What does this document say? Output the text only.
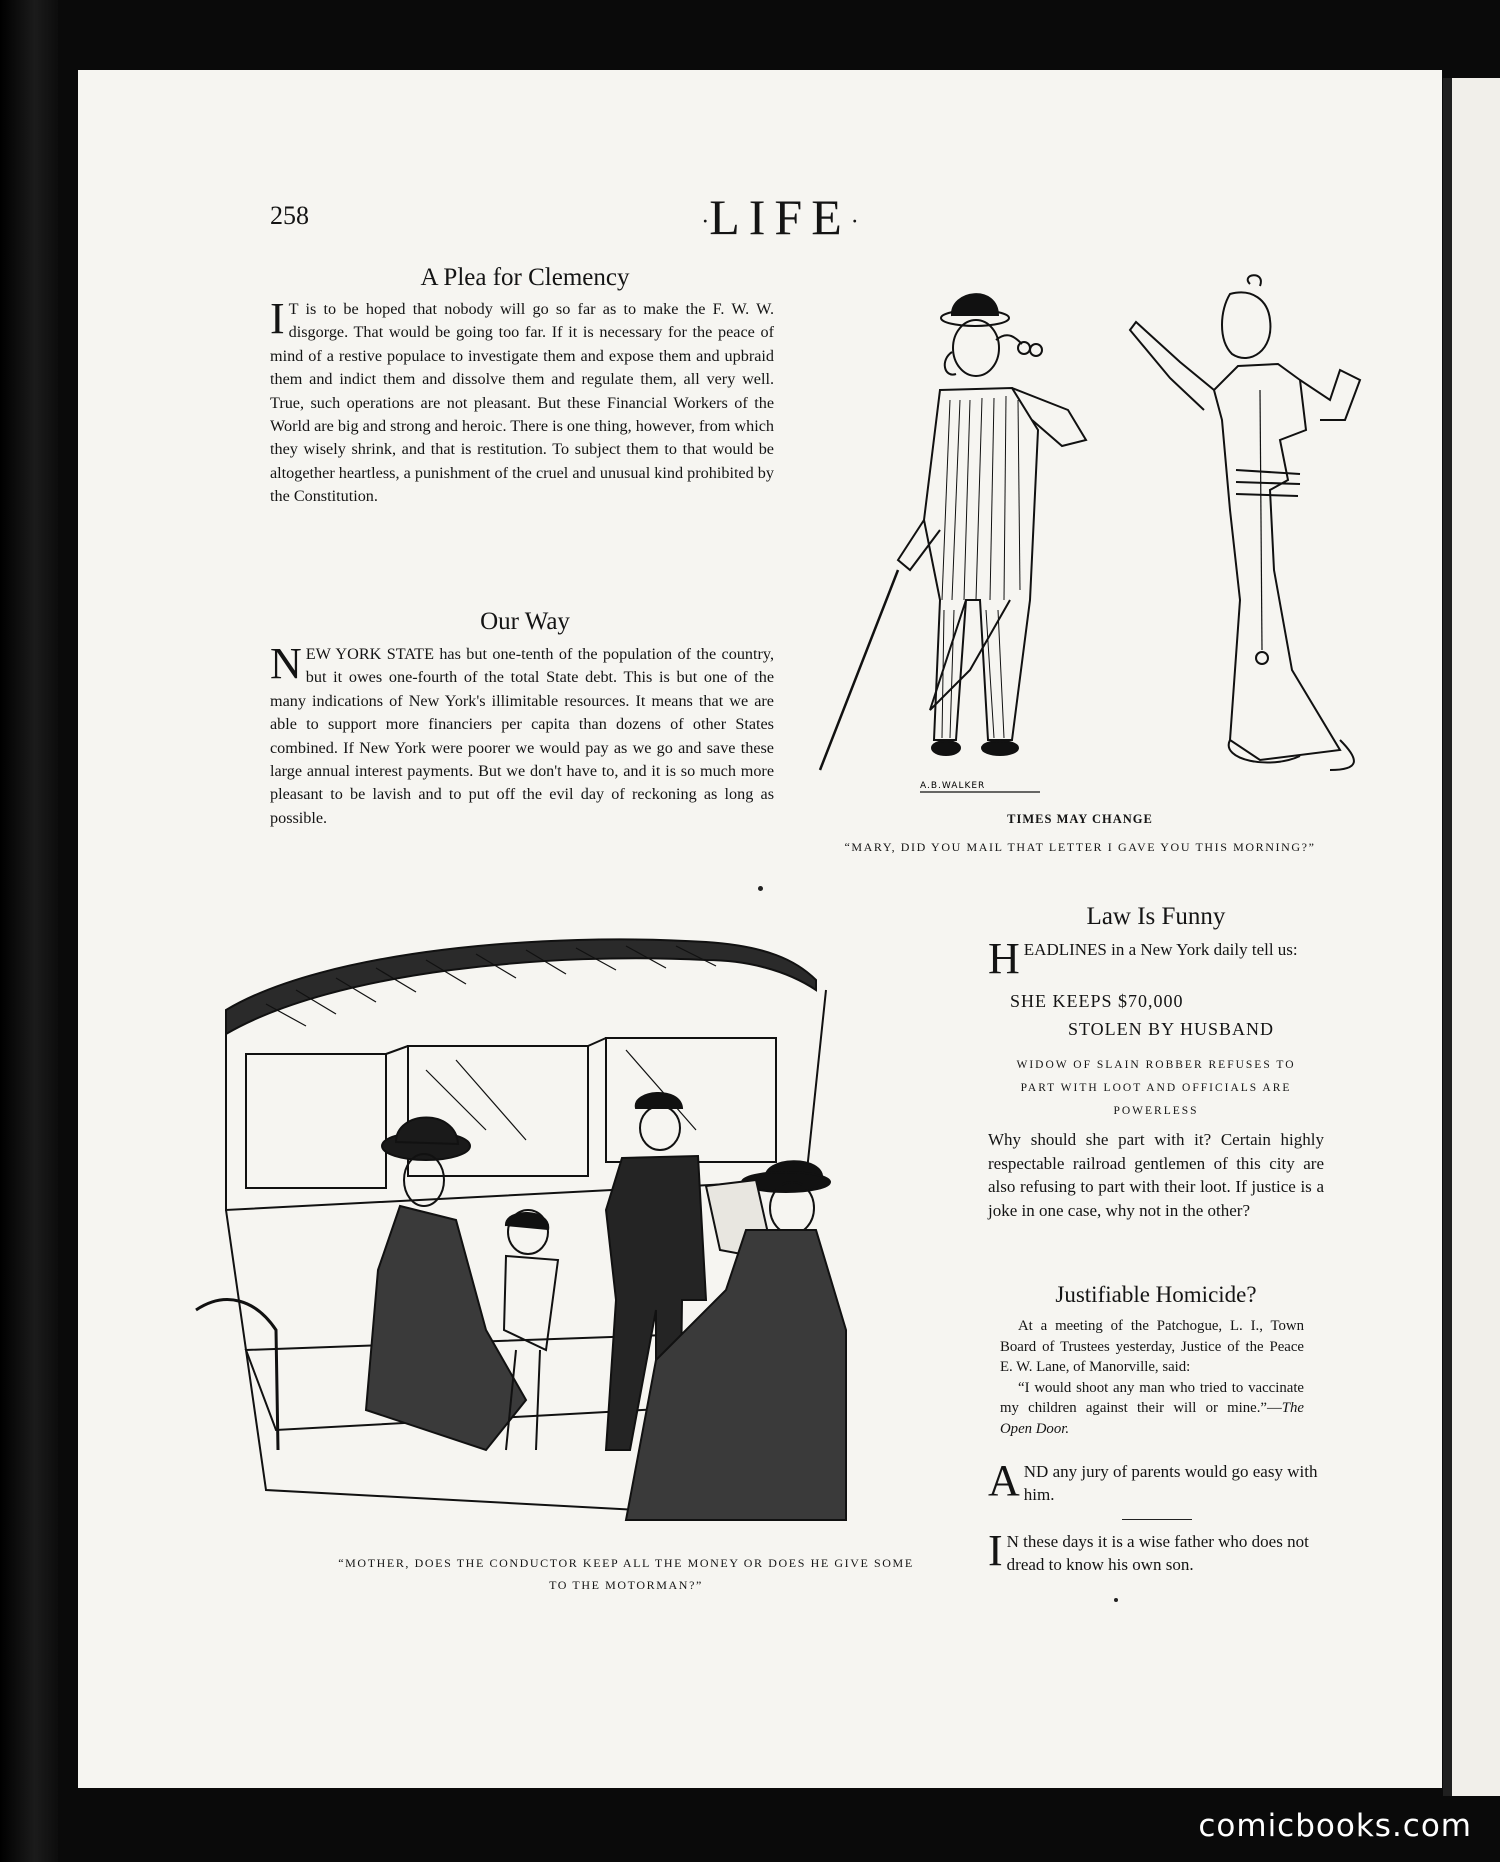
258	·LIFE·
A Plea for Clemency
I T is to be hoped that nobody will go so far as to make the F. W. W. disgorge. That would be going too far. If it is necessary for the peace of mind of a restive populace to investigate them and expose them and upbraid them and indict them and dissolve them and regulate them, all very well. True, such operations are not pleasant. But these Financial Workers of the World are big and strong and heroic. There is one thing, however, from which they wisely shrink, and that is restitution. To subject them to that would be altogether heartless, a punishment of the cruel and unusual kind prohibited by the Constitution.

Our Way
N EW YORK STATE has but one-tenth of the population of the country, but it owes one-fourth of the total State debt. This is but one of the many indications of New York's illimitable resources. It means that we are able to support more financiers per capita than dozens of other States combined. If New York were poorer we would pay as we go and save these large annual interest payments. But we don't have to, and it is so much more pleasant to be lavish and to put off the evil day of reckoning as long as possible.

A.B.WALKER
TIMES MAY CHANGE
“MARY, DID YOU MAIL THAT LETTER I GAVE YOU THIS MORNING?”
“MOTHER, DOES THE CONDUCTOR KEEP ALL THE MONEY OR DOES HE GIVE SOME TO THE MOTORMAN?”
Law Is Funny
H EADLINES in a New York daily tell us:

SHE KEEPS $70,000
STOLEN BY HUSBAND
WIDOW OF SLAIN ROBBER REFUSES TO PART WITH LOOT AND OFFICIALS ARE POWERLESS
Why should she part with it? Certain highly respectable railroad gentlemen of this city are also refusing to part with their loot. If justice is a joke in one case, why not in the other?
Justifiable Homicide?

At a meeting of the Patchogue, L. I., Town Board of Trustees yesterday, Justice of the Peace E. W. Lane, of Manorville, said:

“I would shoot any man who tried to vaccinate my children against their will or mine.”—The Open Door.

A ND any jury of parents would go easy with him.

I N these days it is a wise father who does not dread to know his own son.

comicbooks.com
